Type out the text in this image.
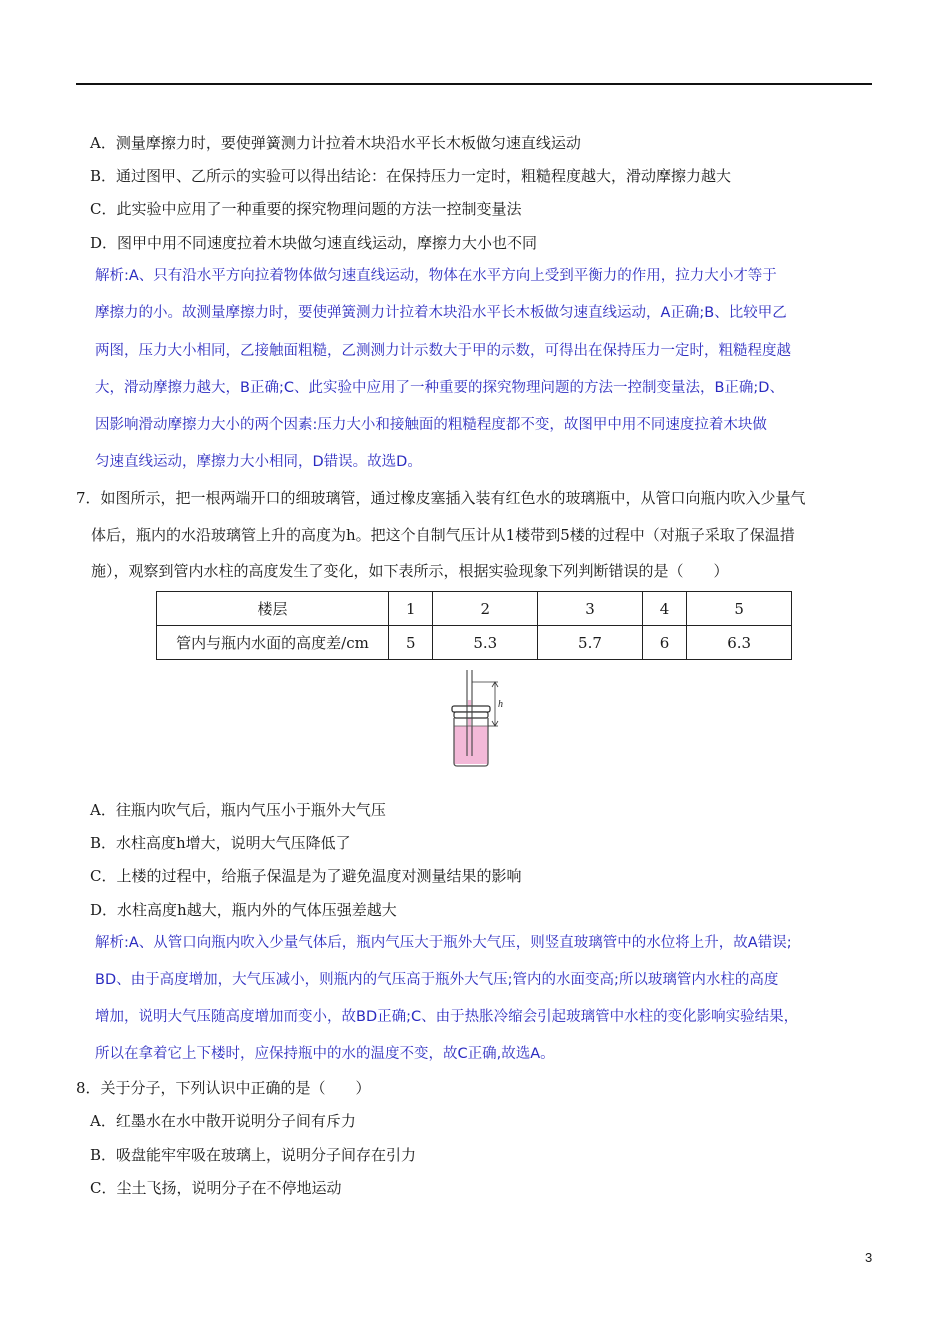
A．测量摩擦力时，要使弹簧测力计拉着木块沿水平长木板做匀速直线运动
B．通过图甲、乙所示的实验可以得出结论：在保持压力一定时，粗糙程度越大，滑动摩擦力越大
C．此实验中应用了一种重要的探究物理问题的方法一控制变量法
D．图甲中用不同速度拉着木块做匀速直线运动，摩擦力大小也不同
解析:A、只有沿水平方向拉着物体做匀速直线运动，物体在水平方向上受到平衡力的作用，拉力大小才等于
摩擦力的小。故测量摩擦力时，要使弹簧测力计拉着木块沿水平长木板做匀速直线运动，A正确;B、比较甲乙
两图，压力大小相同，乙接触面粗糙，乙测测力计示数大于甲的示数，可得出在保持压力一定时，粗糙程度越
大，滑动摩擦力越大，B正确;C、此实验中应用了一种重要的探究物理问题的方法一控制变量法，B正确;D、
因影响滑动摩擦力大小的两个因素:压力大小和接触面的粗糙程度都不变，故图甲中用不同速度拉着木块做
匀速直线运动，摩擦力大小相同，D错误。故选D。
7．如图所示，把一根两端开口的细玻璃管，通过橡皮塞插入装有红色水的玻璃瓶中，从管口向瓶内吹入少量气
体后，瓶内的水沿玻璃管上升的高度为h。把这个自制气压计从1楼带到5楼的过程中（对瓶子采取了保温措
施），观察到管内水柱的高度发生了变化，如下表所示，根据实验现象下列判断错误的是（　　）
楼层	1	2	3	4	5
管内与瓶内水面的高度差/cm	5	5.3	5.7	6	6.3
h
A．往瓶内吹气后，瓶内气压小于瓶外大气压
B．水柱高度h增大，说明大气压降低了
C．上楼的过程中，给瓶子保温是为了避免温度对测量结果的影响
D．水柱高度h越大，瓶内外的气体压强差越大
解析:A、从管口向瓶内吹入少量气体后，瓶内气压大于瓶外大气压，则竖直玻璃管中的水位将上升，故A错误;
BD、由于高度增加，大气压减小，则瓶内的气压高于瓶外大气压;管内的水面变高;所以玻璃管内水柱的高度
增加，说明大气压随高度增加而变小，故BD正确;C、由于热胀冷缩会引起玻璃管中水柱的变化影响实验结果，
所以在拿着它上下楼时，应保持瓶中的水的温度不变，故C正确,故选A。
8．关于分子，下列认识中正确的是（　　）
A．红墨水在水中散开说明分子间有斥力
B．吸盘能牢牢吸在玻璃上，说明分子间存在引力
C．尘土飞扬，说明分子在不停地运动
3
